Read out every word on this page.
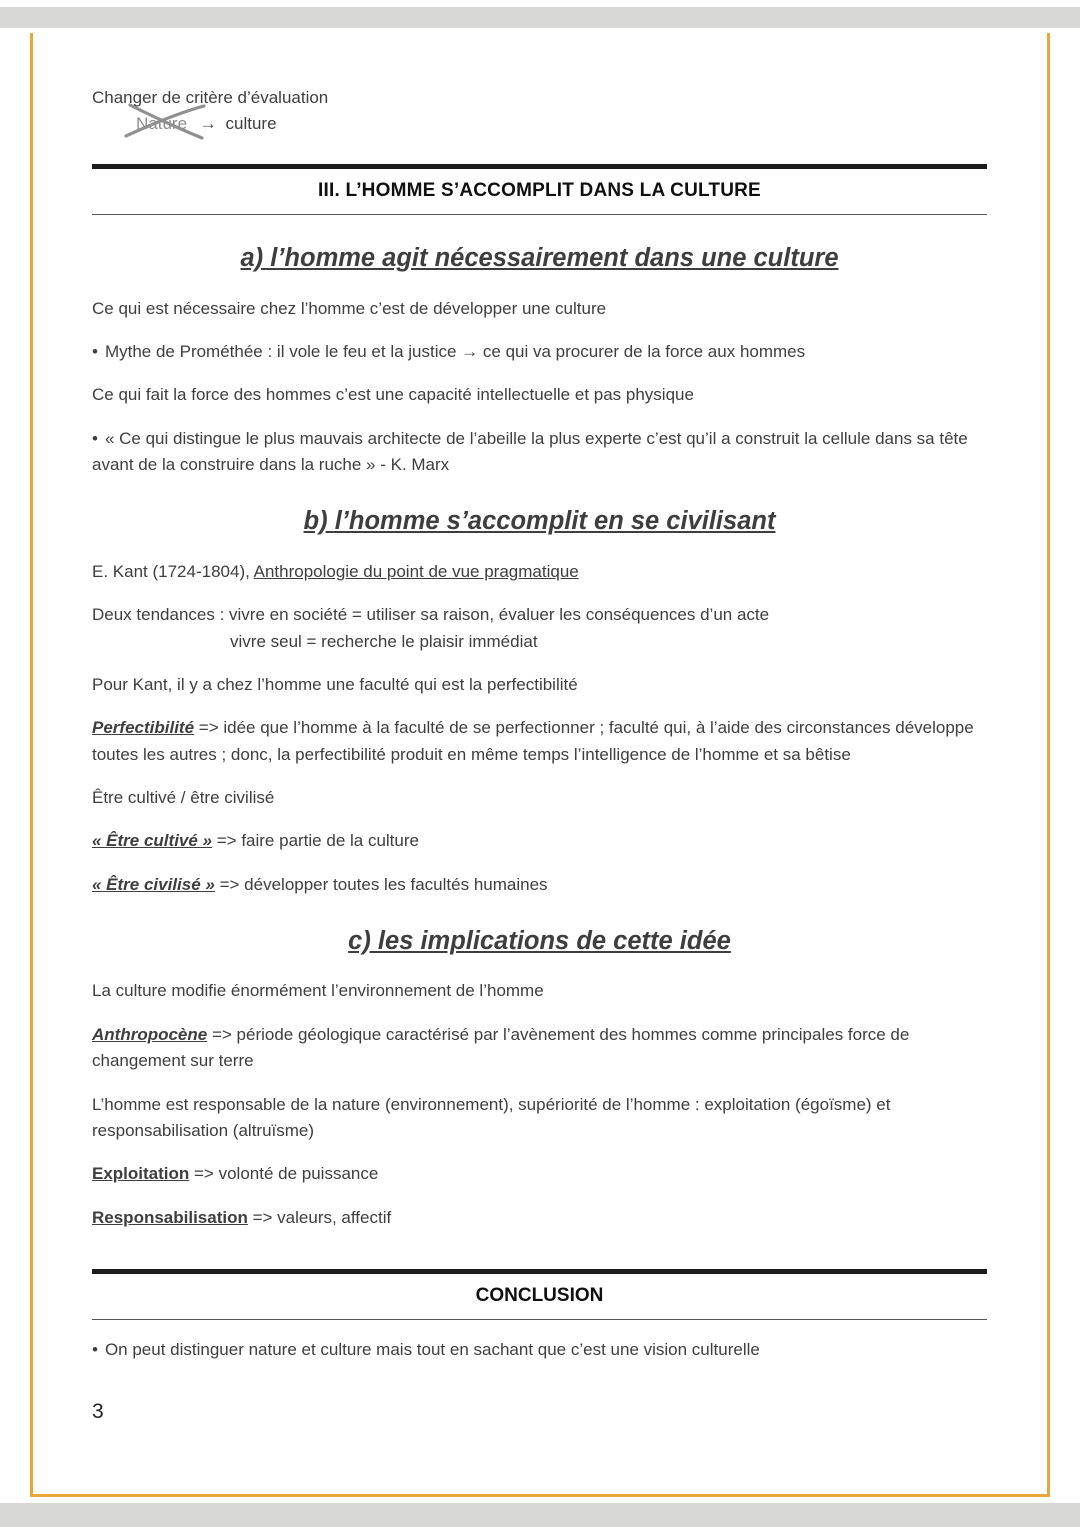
Changer de critère d’évaluation

Nature → culture

III. L’HOMME S’ACCOMPLIT DANS LA CULTURE
a) l’homme agit nécessairement dans une culture

Ce qui est nécessaire chez l’homme c’est de développer une culture

• Mythe de Prométhée : il vole le feu et la justice → ce qui va procurer de la force aux hommes

Ce qui fait la force des hommes c’est une capacité intellectuelle et pas physique

• « Ce qui distingue le plus mauvais architecte de l’abeille la plus experte c’est qu’il a construit la cellule dans sa tête avant de la construire dans la ruche » - K. Marx

b) l’homme s’accomplit en se civilisant

E. Kant (1724-1804), Anthropologie du point de vue pragmatique

Deux tendances : vivre en société = utiliser sa raison, évaluer les conséquences d’un acte
vivre seul = recherche le plaisir immédiat

Pour Kant, il y a chez l’homme une faculté qui est la perfectibilité

Perfectibilité => idée que l’homme à la faculté de se perfectionner ; faculté qui, à l’aide des circonstances développe toutes les autres ; donc, la perfectibilité produit en même temps l’intelligence de l’homme et sa bêtise

Être cultivé / être civilisé

« Être cultivé » => faire partie de la culture

« Être civilisé » => développer toutes les facultés humaines

c) les implications de cette idée

La culture modifie énormément l’environnement de l’homme

Anthropocène => période géologique caractérisé par l’avènement des hommes comme principales force de changement sur terre

L’homme est responsable de la nature (environnement), supériorité de l’homme : exploitation (égoïsme) et responsabilisation (altruïsme)

Exploitation => volonté de puissance

Responsabilisation => valeurs, affectif

CONCLUSION

• On peut distinguer nature et culture mais tout en sachant que c’est une vision culturelle

3
